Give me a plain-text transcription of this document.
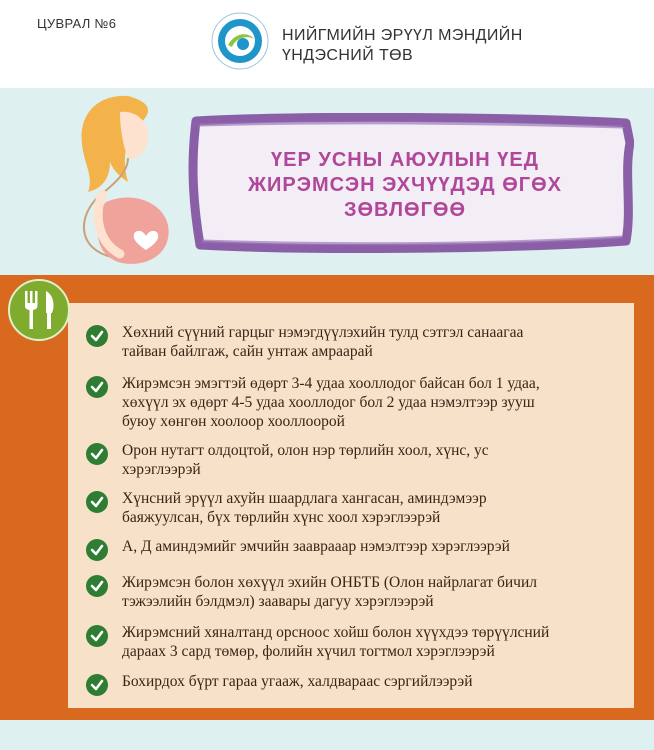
ЦУВРАЛ №6
НИЙГМИЙН ЭРҮҮЛ МЭНДИЙН
ҮНДЭСНИЙ ТӨВ
ҮЕР УСНЫ АЮУЛЫН ҮЕД
ЖИРЭМСЭН ЭХЧҮҮДЭД ӨГӨХ
ЗӨВЛӨГӨӨ
Хөхний сүүний гарцыг нэмэгдүүлэхийн тулд сэтгэл санаагаа
тайван байлгаж, сайн унтаж амраарай
Жирэмсэн эмэгтэй өдөрт 3-4 удаа хооллодог байсан бол 1 удаа,
хөхүүл эх өдөрт 4-5 удаа хооллодог бол 2 удаа нэмэлтээр зууш
буюу хөнгөн хоолоор хооллоорой
Орон нутагт олдоцтой, олон нэр төрлийн хоол, хүнс, ус
хэрэглээрэй
Хүнсний эрүүл ахуйн шаардлага хангасан, аминдэмээр
баяжуулсан, бүх төрлийн хүнс хоол хэрэглээрэй
А, Д аминдэмийг эмчийн зааврааар нэмэлтээр хэрэглээрэй
Жирэмсэн болон хөхүүл эхийн ОНБТБ (Олон найрлагат бичил
тэжээлийн бэлдмэл) заавары дагуу хэрэглээрэй
Жирэмсний хяналтанд орсноос хойш болон хүүхдээ төрүүлсний
дараах 3 сард төмөр, фолийн хүчил тогтмол хэрэглээрэй
Бохирдох бүрт гараа угааж, халдвараас сэргийлээрэй
